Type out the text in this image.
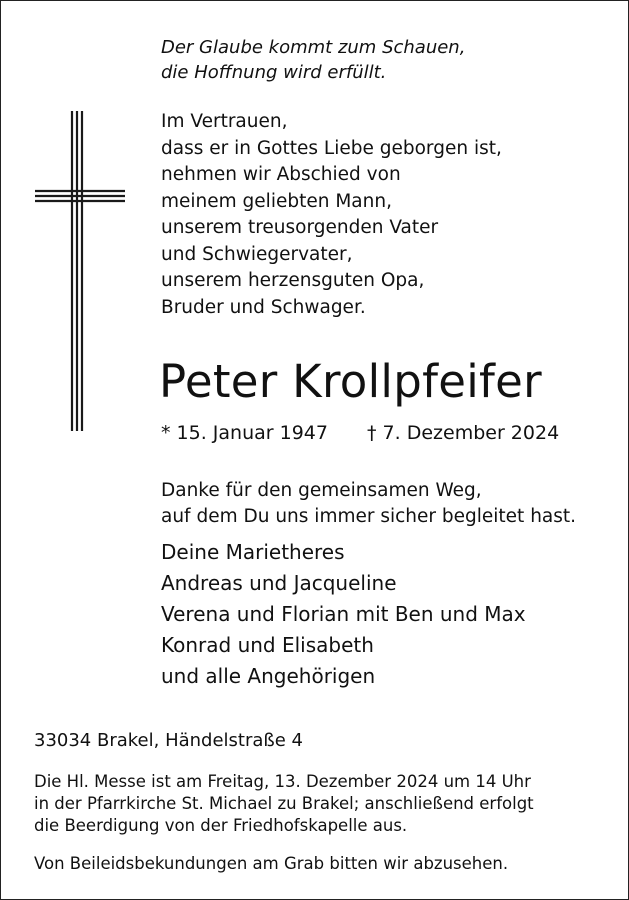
Der Glaube kommt zum Schauen,
die Hoffnung wird erfüllt.
Im Vertrauen,
dass er in Gottes Liebe geborgen ist,
nehmen wir Abschied von
meinem geliebten Mann,
unserem treusorgenden Vater
und Schwiegervater,
unserem herzensguten Opa,
Bruder und Schwager.
Peter Krollpfeifer
* 15. Januar 1947 † 7. Dezember 2024
Danke für den gemeinsamen Weg,
auf dem Du uns immer sicher begleitet hast.
Deine Marietheres
Andreas und Jacqueline
Verena und Florian mit Ben und Max
Konrad und Elisabeth
und alle Angehörigen
33034 Brakel, Händelstraße 4
Die Hl. Messe ist am Freitag, 13. Dezember 2024 um 14 Uhr
in der Pfarrkirche St. Michael zu Brakel; anschließend erfolgt
die Beerdigung von der Friedhofskapelle aus.
Von Beileidsbekundungen am Grab bitten wir abzusehen.
